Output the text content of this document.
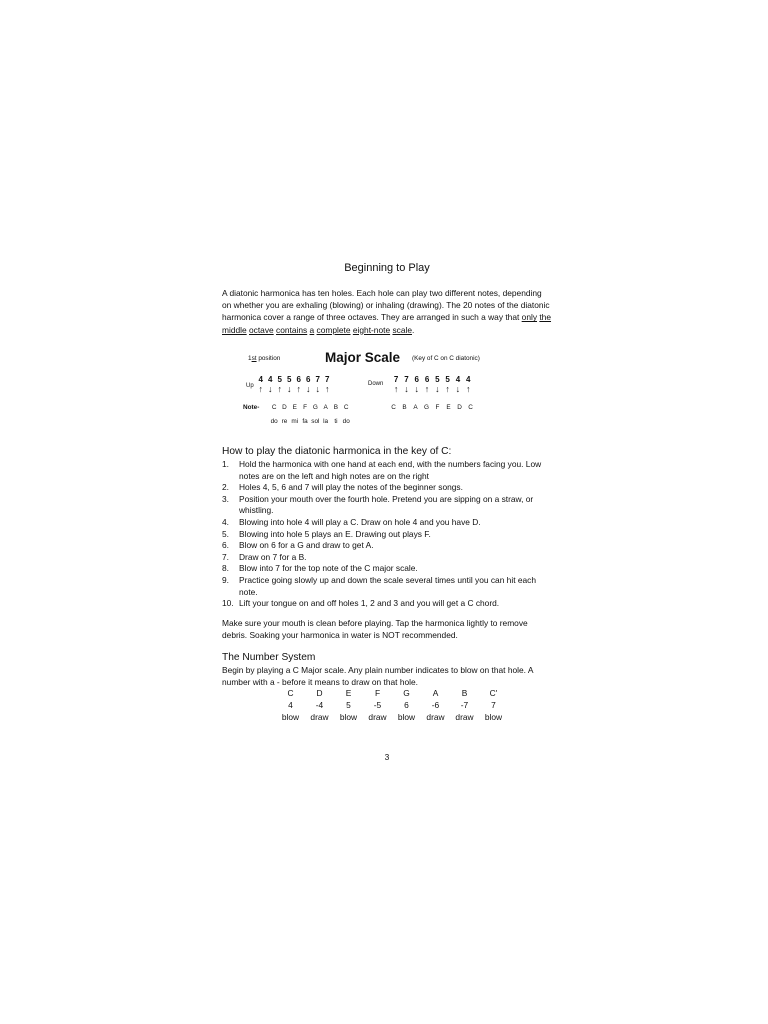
Beginning to Play
A diatonic harmonica has ten holes. Each hole can play two different notes, depending on whether you are exhaling (blowing) or inhaling (drawing). The 20 notes of the diatonic harmonica cover a range of three octaves. They are arranged in such a way that only the middle octave contains a complete eight-note scale.
1st position	Major Scale (Key of C on C diatonic)
4 4 5 5 6 6 7 7
↑ ↓ ↑ ↓ ↑ ↓ ↓ ↑
Up
7 7 6 6 5 5 4 4
↑ ↓ ↓ ↑ ↓ ↑ ↓ ↑
Down
Note-	C D E F G A B C	C B A G F E D C
do re mi fa sol la ti do
How to play the diatonic harmonica in the key of C:
1.	Hold the harmonica with one hand at each end, with the numbers facing you. Low notes are on the left and high notes are on the right
2.	Holes 4, 5, 6 and 7 will play the notes of the beginner songs.
3.	Position your mouth over the fourth hole. Pretend you are sipping on a straw, or whistling.
4.	Blowing into hole 4 will play a C. Draw on hole 4 and you have D.
5.	Blowing into hole 5 plays an E. Drawing out plays F.
6.	Blow on 6 for a G and draw to get A.
7.	Draw on 7 for a B.
8.	Blow into 7 for the top note of the C major scale.
9.	Practice going slowly up and down the scale several times until you can hit each note.
10. Lift your tongue on and off holes 1, 2 and 3 and you will get a C chord.
Make sure your mouth is clean before playing. Tap the harmonica lightly to remove debris. Soaking your harmonica in water is NOT recommended.
The Number System
Begin by playing a C Major scale. Any plain number indicates to blow on that hole. A number with a - before it means to draw on that hole.
C	D	E	F	G	A	B	C'
4	-4	5	-5	6	-6	-7	7
blow	draw	blow	draw	blow	draw	draw	blow
3
